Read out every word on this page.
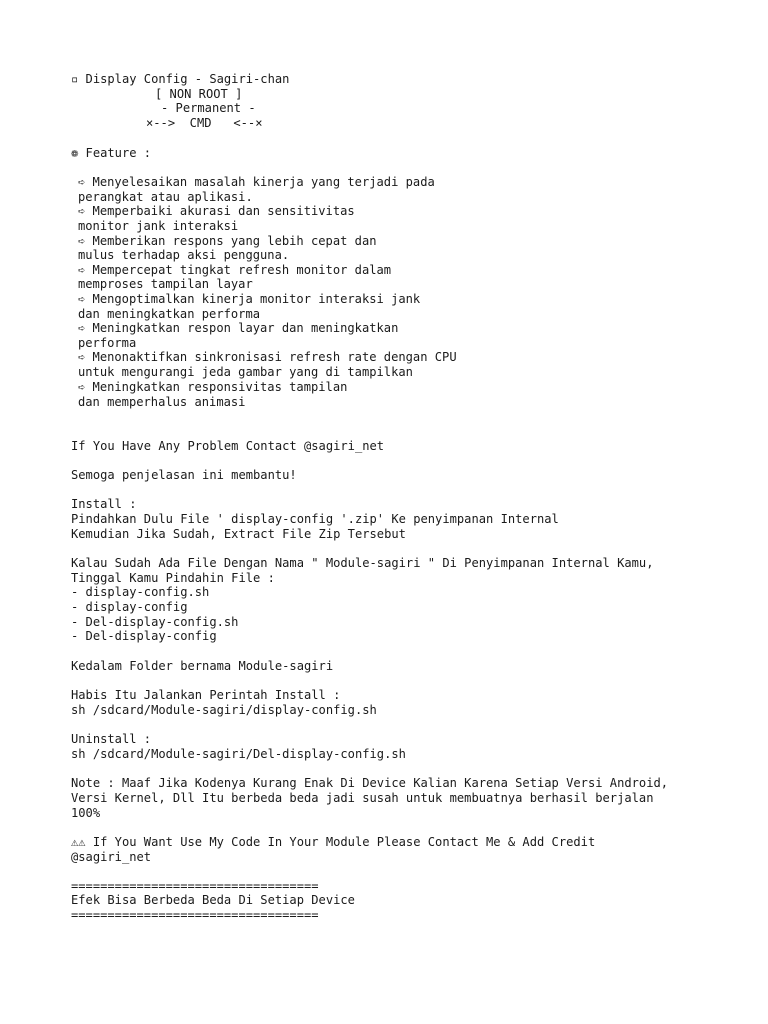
▫ Display Config - Sagiri-chan
[ NON ROOT ]
- Permanent -
×-->  CMD   <--×
❁ Feature :
➪ Menyelesaikan masalah kinerja yang terjadi pada
perangkat atau aplikasi.
➪ Memperbaiki akurasi dan sensitivitas
monitor jank interaksi
➪ Memberikan respons yang lebih cepat dan
mulus terhadap aksi pengguna.
➪ Mempercepat tingkat refresh monitor dalam
memproses tampilan layar
➪ Mengoptimalkan kinerja monitor interaksi jank
dan meningkatkan performa
➪ Meningkatkan respon layar dan meningkatkan
performa
➪ Menonaktifkan sinkronisasi refresh rate dengan CPU
untuk mengurangi jeda gambar yang di tampilkan
➪ Meningkatkan responsivitas tampilan
dan memperhalus animasi
If You Have Any Problem Contact @sagiri_net
Semoga penjelasan ini membantu!
Install :
Pindahkan Dulu File ' display-config '.zip' Ke penyimpanan Internal
Kemudian Jika Sudah, Extract File Zip Tersebut
Kalau Sudah Ada File Dengan Nama " Module-sagiri " Di Penyimpanan Internal Kamu,
Tinggal Kamu Pindahin File :
- display-config.sh
- display-config
- Del-display-config.sh
- Del-display-config
Kedalam Folder bernama Module-sagiri
Habis Itu Jalankan Perintah Install :
sh /sdcard/Module-sagiri/display-config.sh
Uninstall :
sh /sdcard/Module-sagiri/Del-display-config.sh
Note : Maaf Jika Kodenya Kurang Enak Di Device Kalian Karena Setiap Versi Android,
Versi Kernel, Dll Itu berbeda beda jadi susah untuk membuatnya berhasil berjalan
100%
⚠⚠ If You Want Use My Code In Your Module Please Contact Me & Add Credit
@sagiri_net
==================================
Efek Bisa Berbeda Beda Di Setiap Device
==================================
